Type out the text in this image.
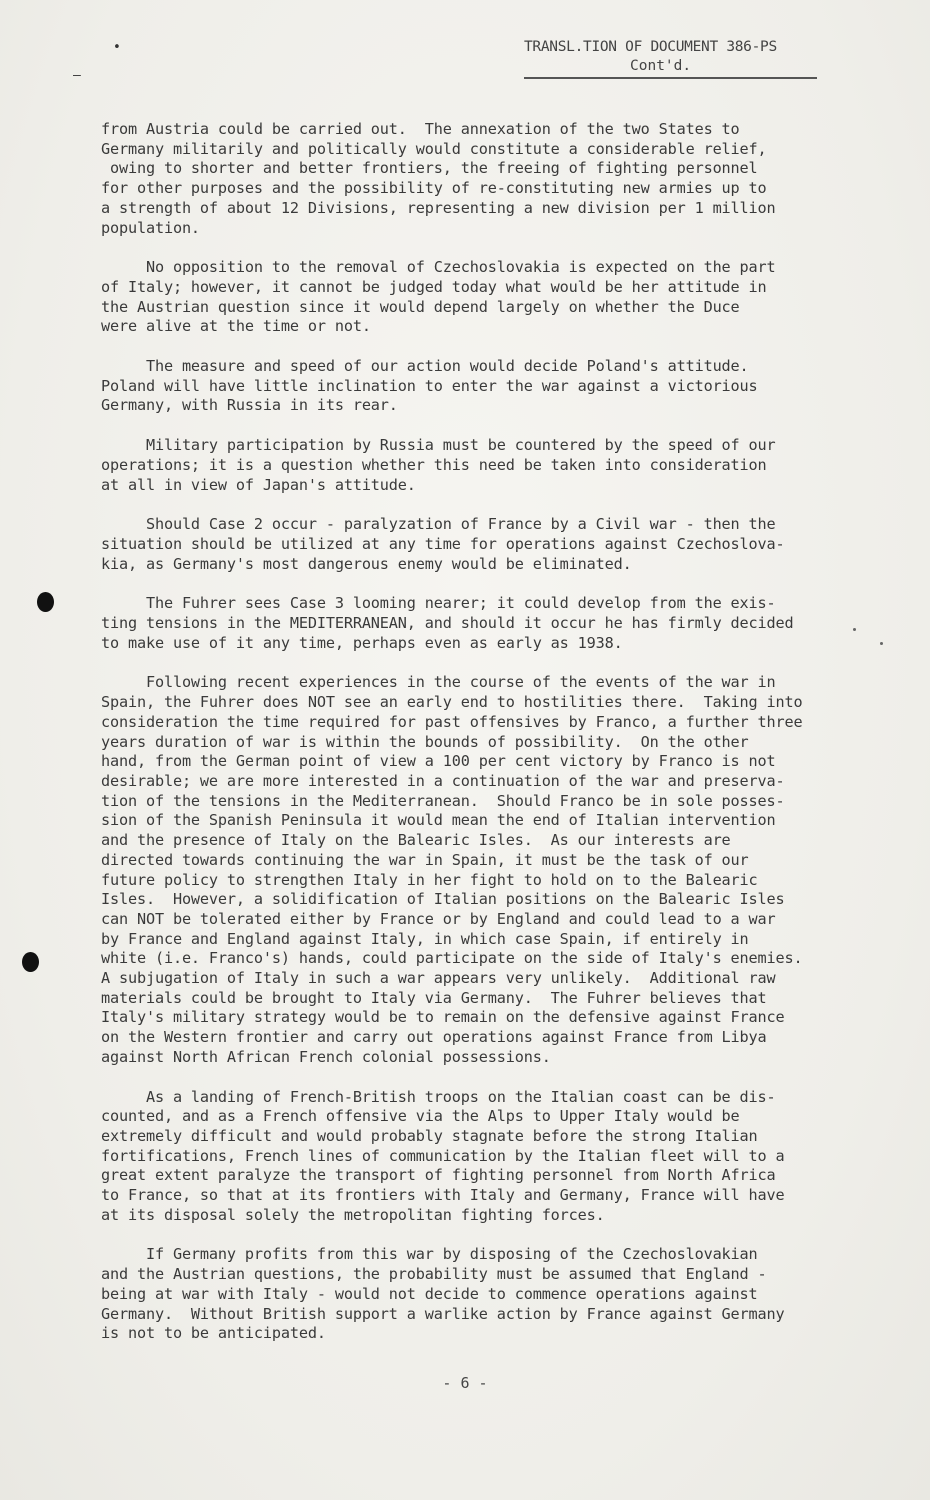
•
–
TRANSL.TION OF DOCUMENT 386-PS
Cont'd.

from Austria could be carried out.  The annexation of the two States to
Germany militarily and politically would constitute a considerable relief,
owing to shorter and better frontiers, the freeing of fighting personnel
for other purposes and the possibility of re-constituting new armies up to
a strength of about 12 Divisions, representing a new division per 1 million
population.

No opposition to the removal of Czechoslovakia is expected on the part
of Italy; however, it cannot be judged today what would be her attitude in
the Austrian question since it would depend largely on whether the Duce
were alive at the time or not.

The measure and speed of our action would decide Poland's attitude.
Poland will have little inclination to enter the war against a victorious
Germany, with Russia in its rear.

Military participation by Russia must be countered by the speed of our
operations; it is a question whether this need be taken into consideration
at all in view of Japan's attitude.

Should Case 2 occur - paralyzation of France by a Civil war - then the
situation should be utilized at any time for operations against Czechoslova-
kia, as Germany's most dangerous enemy would be eliminated.

The Fuhrer sees Case 3 looming nearer; it could develop from the exis-
ting tensions in the MEDITERRANEAN, and should it occur he has firmly decided
to make use of it any time, perhaps even as early as 1938.

Following recent experiences in the course of the events of the war in
Spain, the Fuhrer does NOT see an early end to hostilities there.  Taking into
consideration the time required for past offensives by Franco, a further three
years duration of war is within the bounds of possibility.  On the other
hand, from the German point of view a 100 per cent victory by Franco is not
desirable; we are more interested in a continuation of the war and preserva-
tion of the tensions in the Mediterranean.  Should Franco be in sole posses-
sion of the Spanish Peninsula it would mean the end of Italian intervention
and the presence of Italy on the Balearic Isles.  As our interests are
directed towards continuing the war in Spain, it must be the task of our
future policy to strengthen Italy in her fight to hold on to the Balearic
Isles.  However, a solidification of Italian positions on the Balearic Isles
can NOT be tolerated either by France or by England and could lead to a war
by France and England against Italy, in which case Spain, if entirely in
white (i.e. Franco's) hands, could participate on the side of Italy's enemies.
A subjugation of Italy in such a war appears very unlikely.  Additional raw
materials could be brought to Italy via Germany.  The Fuhrer believes that
Italy's military strategy would be to remain on the defensive against France
on the Western frontier and carry out operations against France from Libya
against North African French colonial possessions.

As a landing of French-British troops on the Italian coast can be dis-
counted, and as a French offensive via the Alps to Upper Italy would be
extremely difficult and would probably stagnate before the strong Italian
fortifications, French lines of communication by the Italian fleet will to a
great extent paralyze the transport of fighting personnel from North Africa
to France, so that at its frontiers with Italy and Germany, France will have
at its disposal solely the metropolitan fighting forces.

If Germany profits from this war by disposing of the Czechoslovakian
and the Austrian questions, the probability must be assumed that England -
being at war with Italy - would not decide to commence operations against
Germany.  Without British support a warlike action by France against Germany
is not to be anticipated.

- 6 -
